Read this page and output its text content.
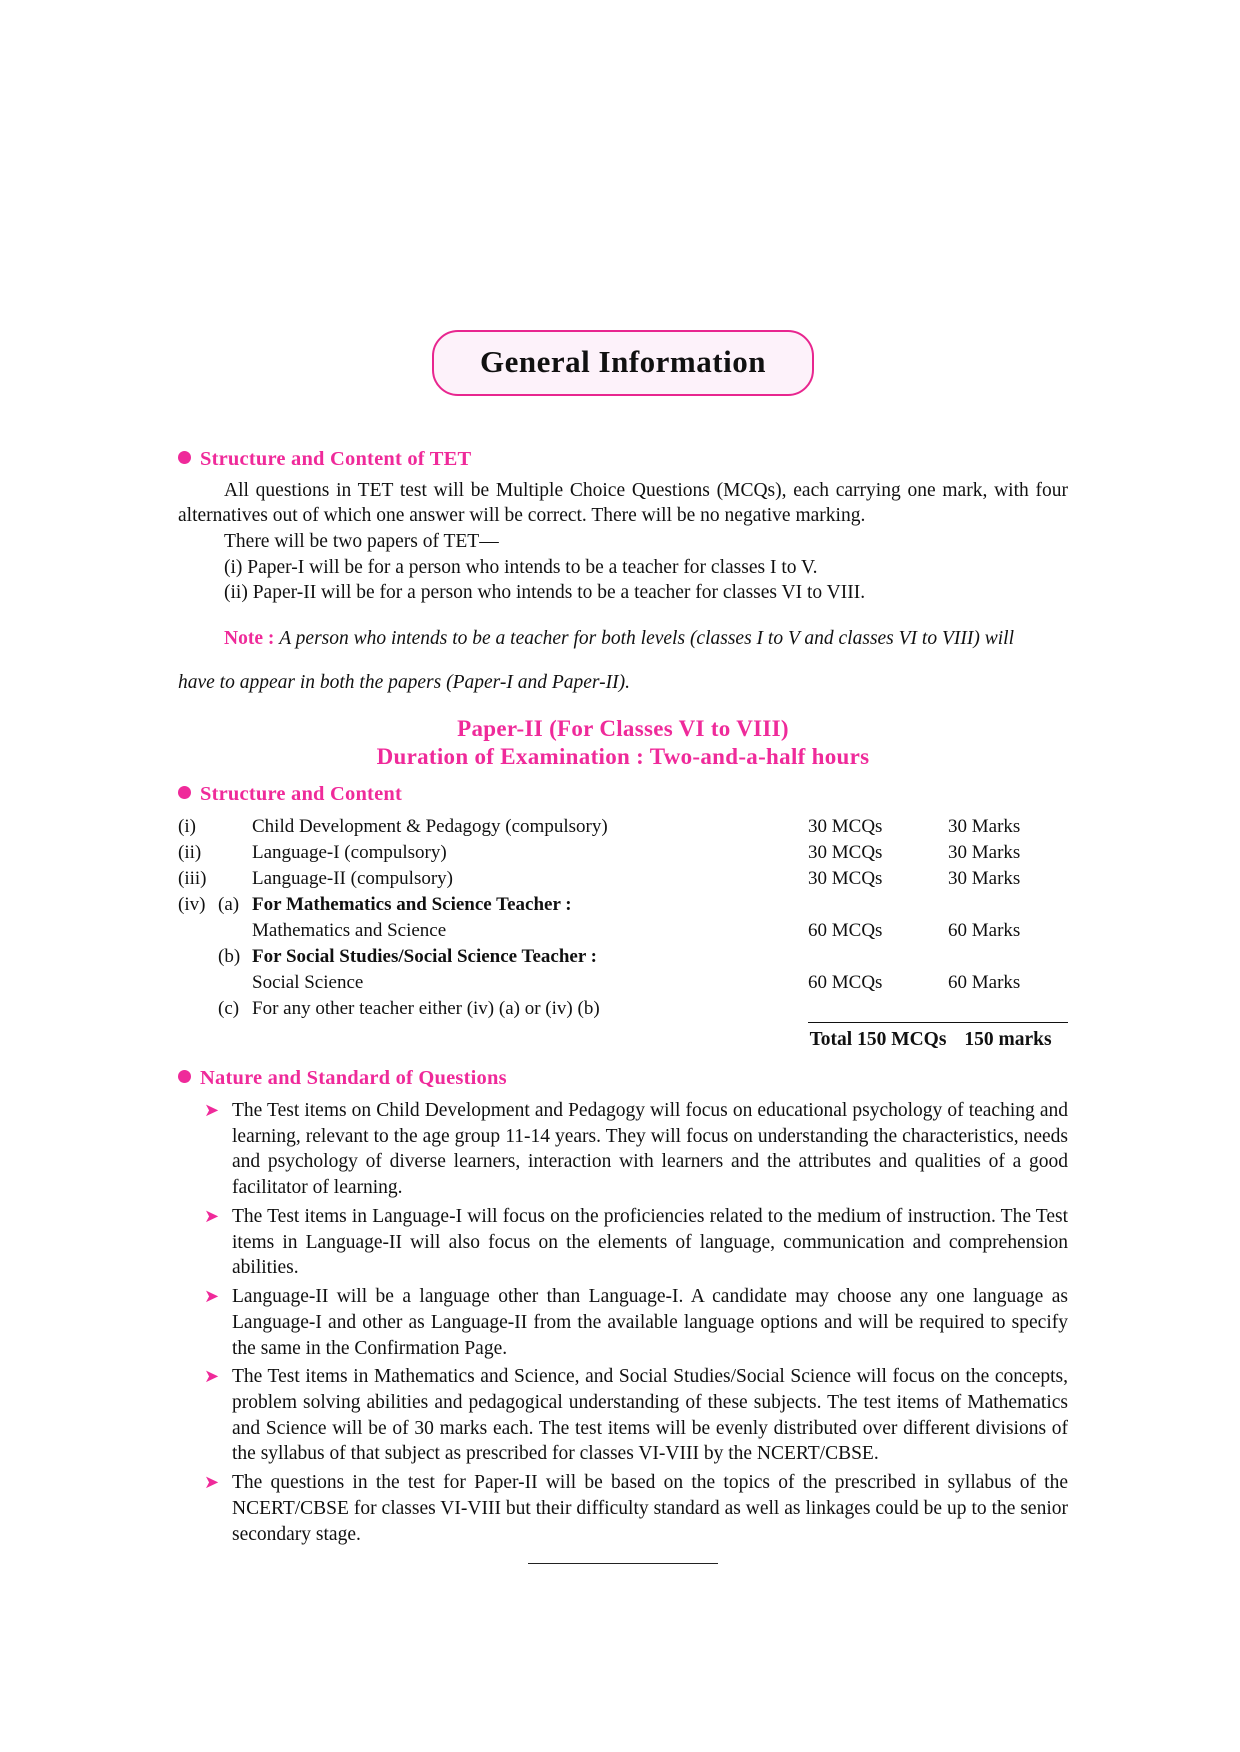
General Information
Structure and Content of TET

All questions in TET test will be Multiple Choice Questions (MCQs), each carrying one mark, with four alternatives out of which one answer will be correct. There will be no negative marking.

There will be two papers of TET—

(i) Paper-I will be for a person who intends to be a teacher for classes I to V.

(ii) Paper-II will be for a person who intends to be a teacher for classes VI to VIII.

Note : A person who intends to be a teacher for both levels (classes I to V and classes VI to VIII) will

have to appear in both the papers (Paper-I and Paper-II).

Paper-II (For Classes VI to VIII)
Duration of Examination : Two-and-a-half hours
Structure and Content
(i)		Child Development & Pedagogy (compulsory)	30 MCQs	30 Marks
(ii)		Language-I (compulsory)	30 MCQs	30 Marks
(iii)		Language-II (compulsory)	30 MCQs	30 Marks
(iv)	(a)	For Mathematics and Science Teacher :		
		Mathematics and Science	60 MCQs	60 Marks
	(b)	For Social Studies/Social Science Teacher :		
		Social Science	60 MCQs	60 Marks
	(c)	For any other teacher either (iv) (a) or (iv) (b)		
			Total 150 MCQs	150 marks
Nature and Standard of Questions
➤ The Test items on Child Development and Pedagogy will focus on educational psychology of teaching and learning, relevant to the age group 11-14 years. They will focus on understanding the characteristics, needs and psychology of diverse learners, interaction with learners and the attributes and qualities of a good facilitator of learning.
➤ The Test items in Language-I will focus on the proficiencies related to the medium of instruction. The Test items in Language-II will also focus on the elements of language, communication and comprehension abilities.
➤ Language-II will be a language other than Language-I. A candidate may choose any one language as Language-I and other as Language-II from the available language options and will be required to specify the same in the Confirmation Page.
➤ The Test items in Mathematics and Science, and Social Studies/Social Science will focus on the concepts, problem solving abilities and pedagogical understanding of these subjects. The test items of Mathematics and Science will be of 30 marks each. The test items will be evenly distributed over different divisions of the syllabus of that subject as prescribed for classes VI-VIII by the NCERT/CBSE.
➤ The questions in the test for Paper-II will be based on the topics of the prescribed in syllabus of the NCERT/CBSE for classes VI-VIII but their difficulty standard as well as linkages could be up to the senior secondary stage.
